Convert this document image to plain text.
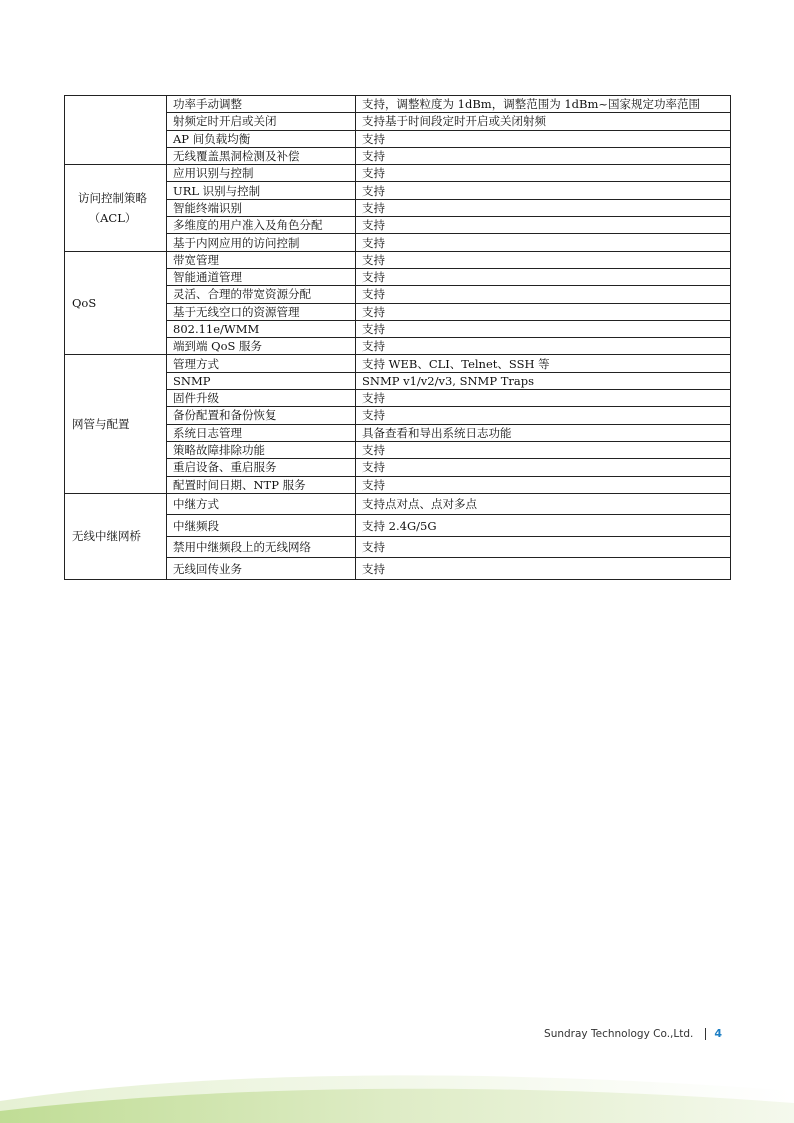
	功率手动调整	支持，调整粒度为 1dBm，调整范围为 1dBm~国家规定功率范围
	射频定时开启或关闭	支持基于时间段定时开启或关闭射频
	AP 间负载均衡	支持
	无线覆盖黑洞检测及补偿	支持
访问控制策略（ACL）	应用识别与控制	支持
	URL 识别与控制	支持
	智能终端识别	支持
	多维度的用户准入及角色分配	支持
	基于内网应用的访问控制	支持
QoS	带宽管理	支持
	智能通道管理	支持
	灵活、合理的带宽资源分配	支持
	基于无线空口的资源管理	支持
	802.11e/WMM	支持
	端到端 QoS 服务	支持
网管与配置	管理方式	支持 WEB、CLI、Telnet、SSH 等
	SNMP	SNMP v1/v2/v3, SNMP Traps
	固件升级	支持
	备份配置和备份恢复	支持
	系统日志管理	具备查看和导出系统日志功能
	策略故障排除功能	支持
	重启设备、重启服务	支持
	配置时间日期、NTP 服务	支持
无线中继网桥	中继方式	支持点对点、点对多点
	中继频段	支持 2.4G/5G
	禁用中继频段上的无线网络	支持
	无线回传业务	支持
Sundray Technology Co.,Ltd. 4
